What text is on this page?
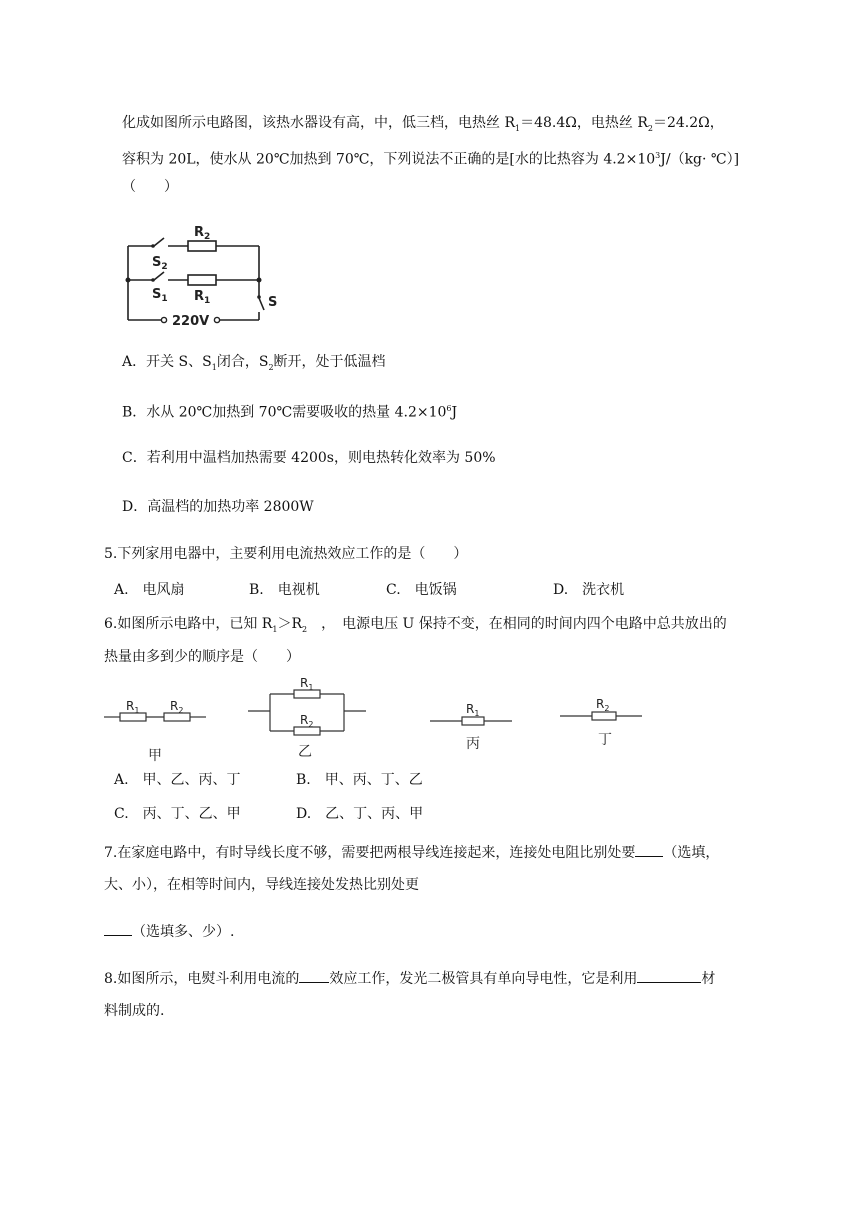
化成如图所示电路图，该热水器设有高，中，低三档，电热丝 $R_1=48.4\Omega$，电热丝 $R_2=24.2\Omega$，
容积为 20L，使水从 20℃加热到 70℃，下列说法不正确的是[水的比热容为 $4.2\times 10^3J/(kg\cdot$ ℃）]
（　　）
$R_2$
$S_2$
$S_1$ $R_1$	S
220V
A．开关 S、$S_1$闭合，$S_2$断开，处于低温档
B．水从 20℃加热到 70℃需要吸收的热量 $4.2\times 10^6J$
C．若利用中温档加热需要 4200s，则电热转化效率为 50%
D．高温档的加热功率 2800W
5.下列家用电器中，主要利用电流热效应工作的是（　　）
A.　电风扇	B.　电视机	C.　电饭锅	D.　洗衣机
6.如图所示电路中，已知 $R_1>R_2$　，　电源电压 U 保持不变，在相同的时间内四个电路中总共放出的
热量由多到少的顺序是（　　）
$R_1$	$R_2$
甲
$R_1$
$R_2$
乙
$R_1$
丙
$R_2$
丁
A.　甲、乙、丙、丁	B.　甲、丙、丁、乙
C.　丙、丁、乙、甲	D.　乙、丁、丙、甲
7.在家庭电路中，有时导线长度不够，需要把两根导线连接起来，连接处电阻比别处要 （选填，
大、小），在相等时间内，导线连接处发热比别处更
（选填多、少）.
8.如图所示，电熨斗利用电流的 效应工作，发光二极管具有单向导电性，它是利用	材
料制成的.
